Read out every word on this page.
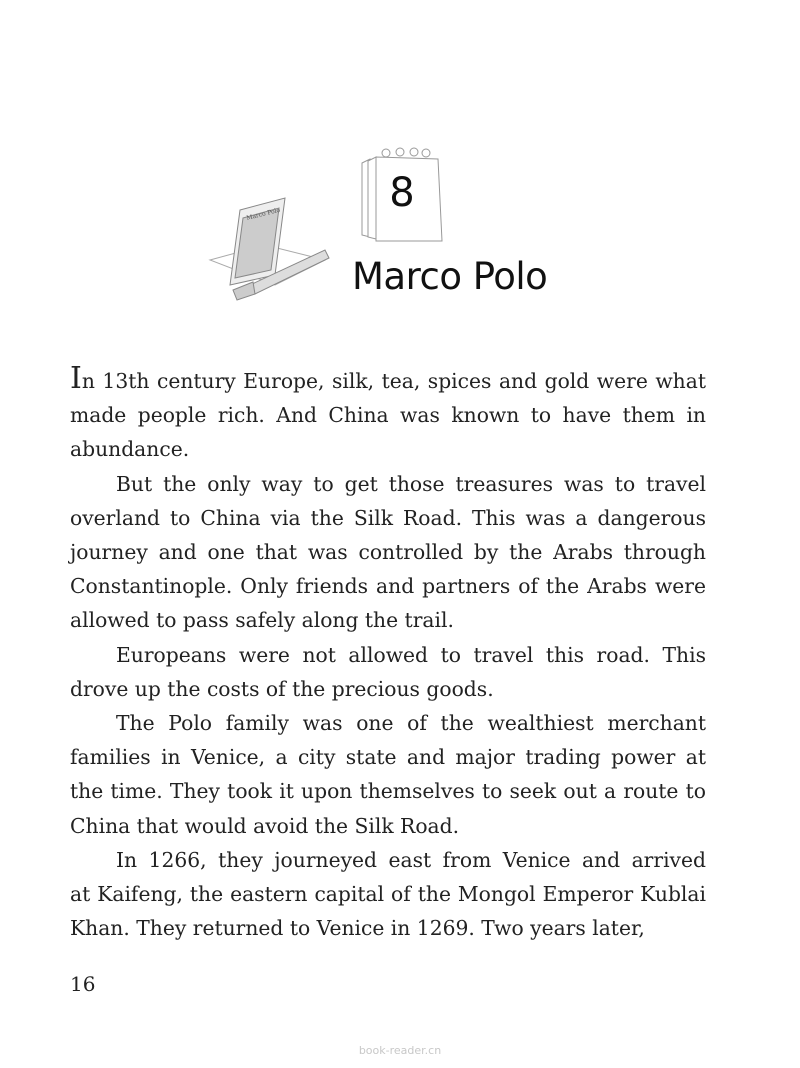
Marco Polo	8
Marco Polo
In 13th century Europe, silk, tea, spices and gold were what
made people rich. And China was known to have them in
abundance.
But the only way to get those treasures was to travel
overland to China via the Silk Road. This was a dangerous
journey and one that was controlled by the Arabs through
Constantinople. Only friends and partners of the Arabs were
allowed to pass safely along the trail.
Europeans were not allowed to travel this road. This
drove up the costs of the precious goods.
The Polo family was one of the wealthiest merchant
families in Venice, a city state and major trading power at
the time. They took it upon themselves to seek out a route to
China that would avoid the Silk Road.
In 1266, they journeyed east from Venice and arrived
at Kaifeng, the eastern capital of the Mongol Emperor Kublai
Khan. They returned to Venice in 1269. Two years later,
16
book-reader.cn
